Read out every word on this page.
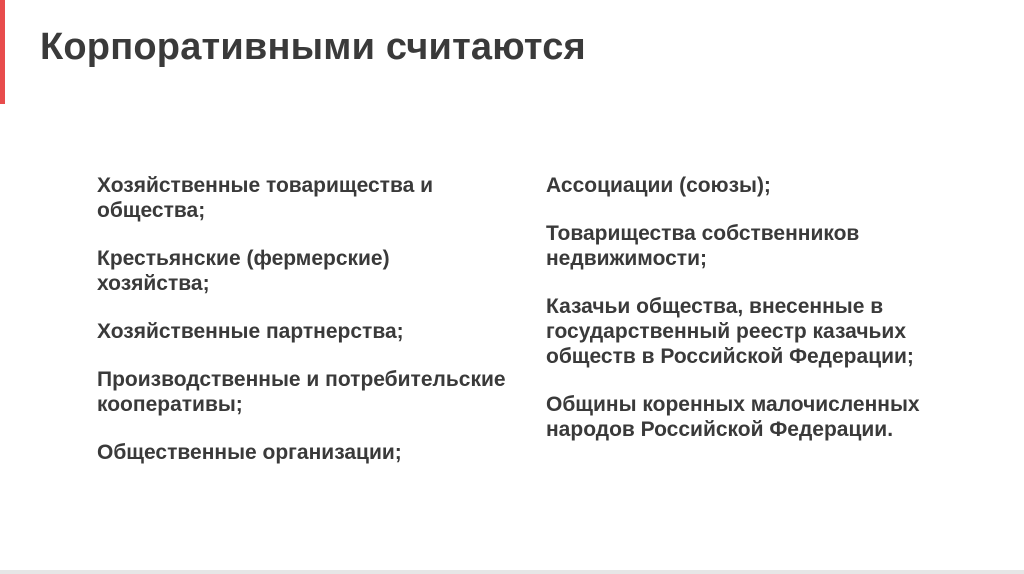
Корпоративными считаются
Хозяйственные товарищества и общества;
Крестьянские (фермерские) хозяйства;
Хозяйственные партнерства;
Производственные и потребительские кооперативы;
Общественные организации;
Ассоциации (союзы);
Товарищества собственников недвижимости;
Казачьи общества, внесенные в государственный реестр казачьих обществ в Российской Федерации;
Общины коренных малочисленных народов Российской Федерации.
